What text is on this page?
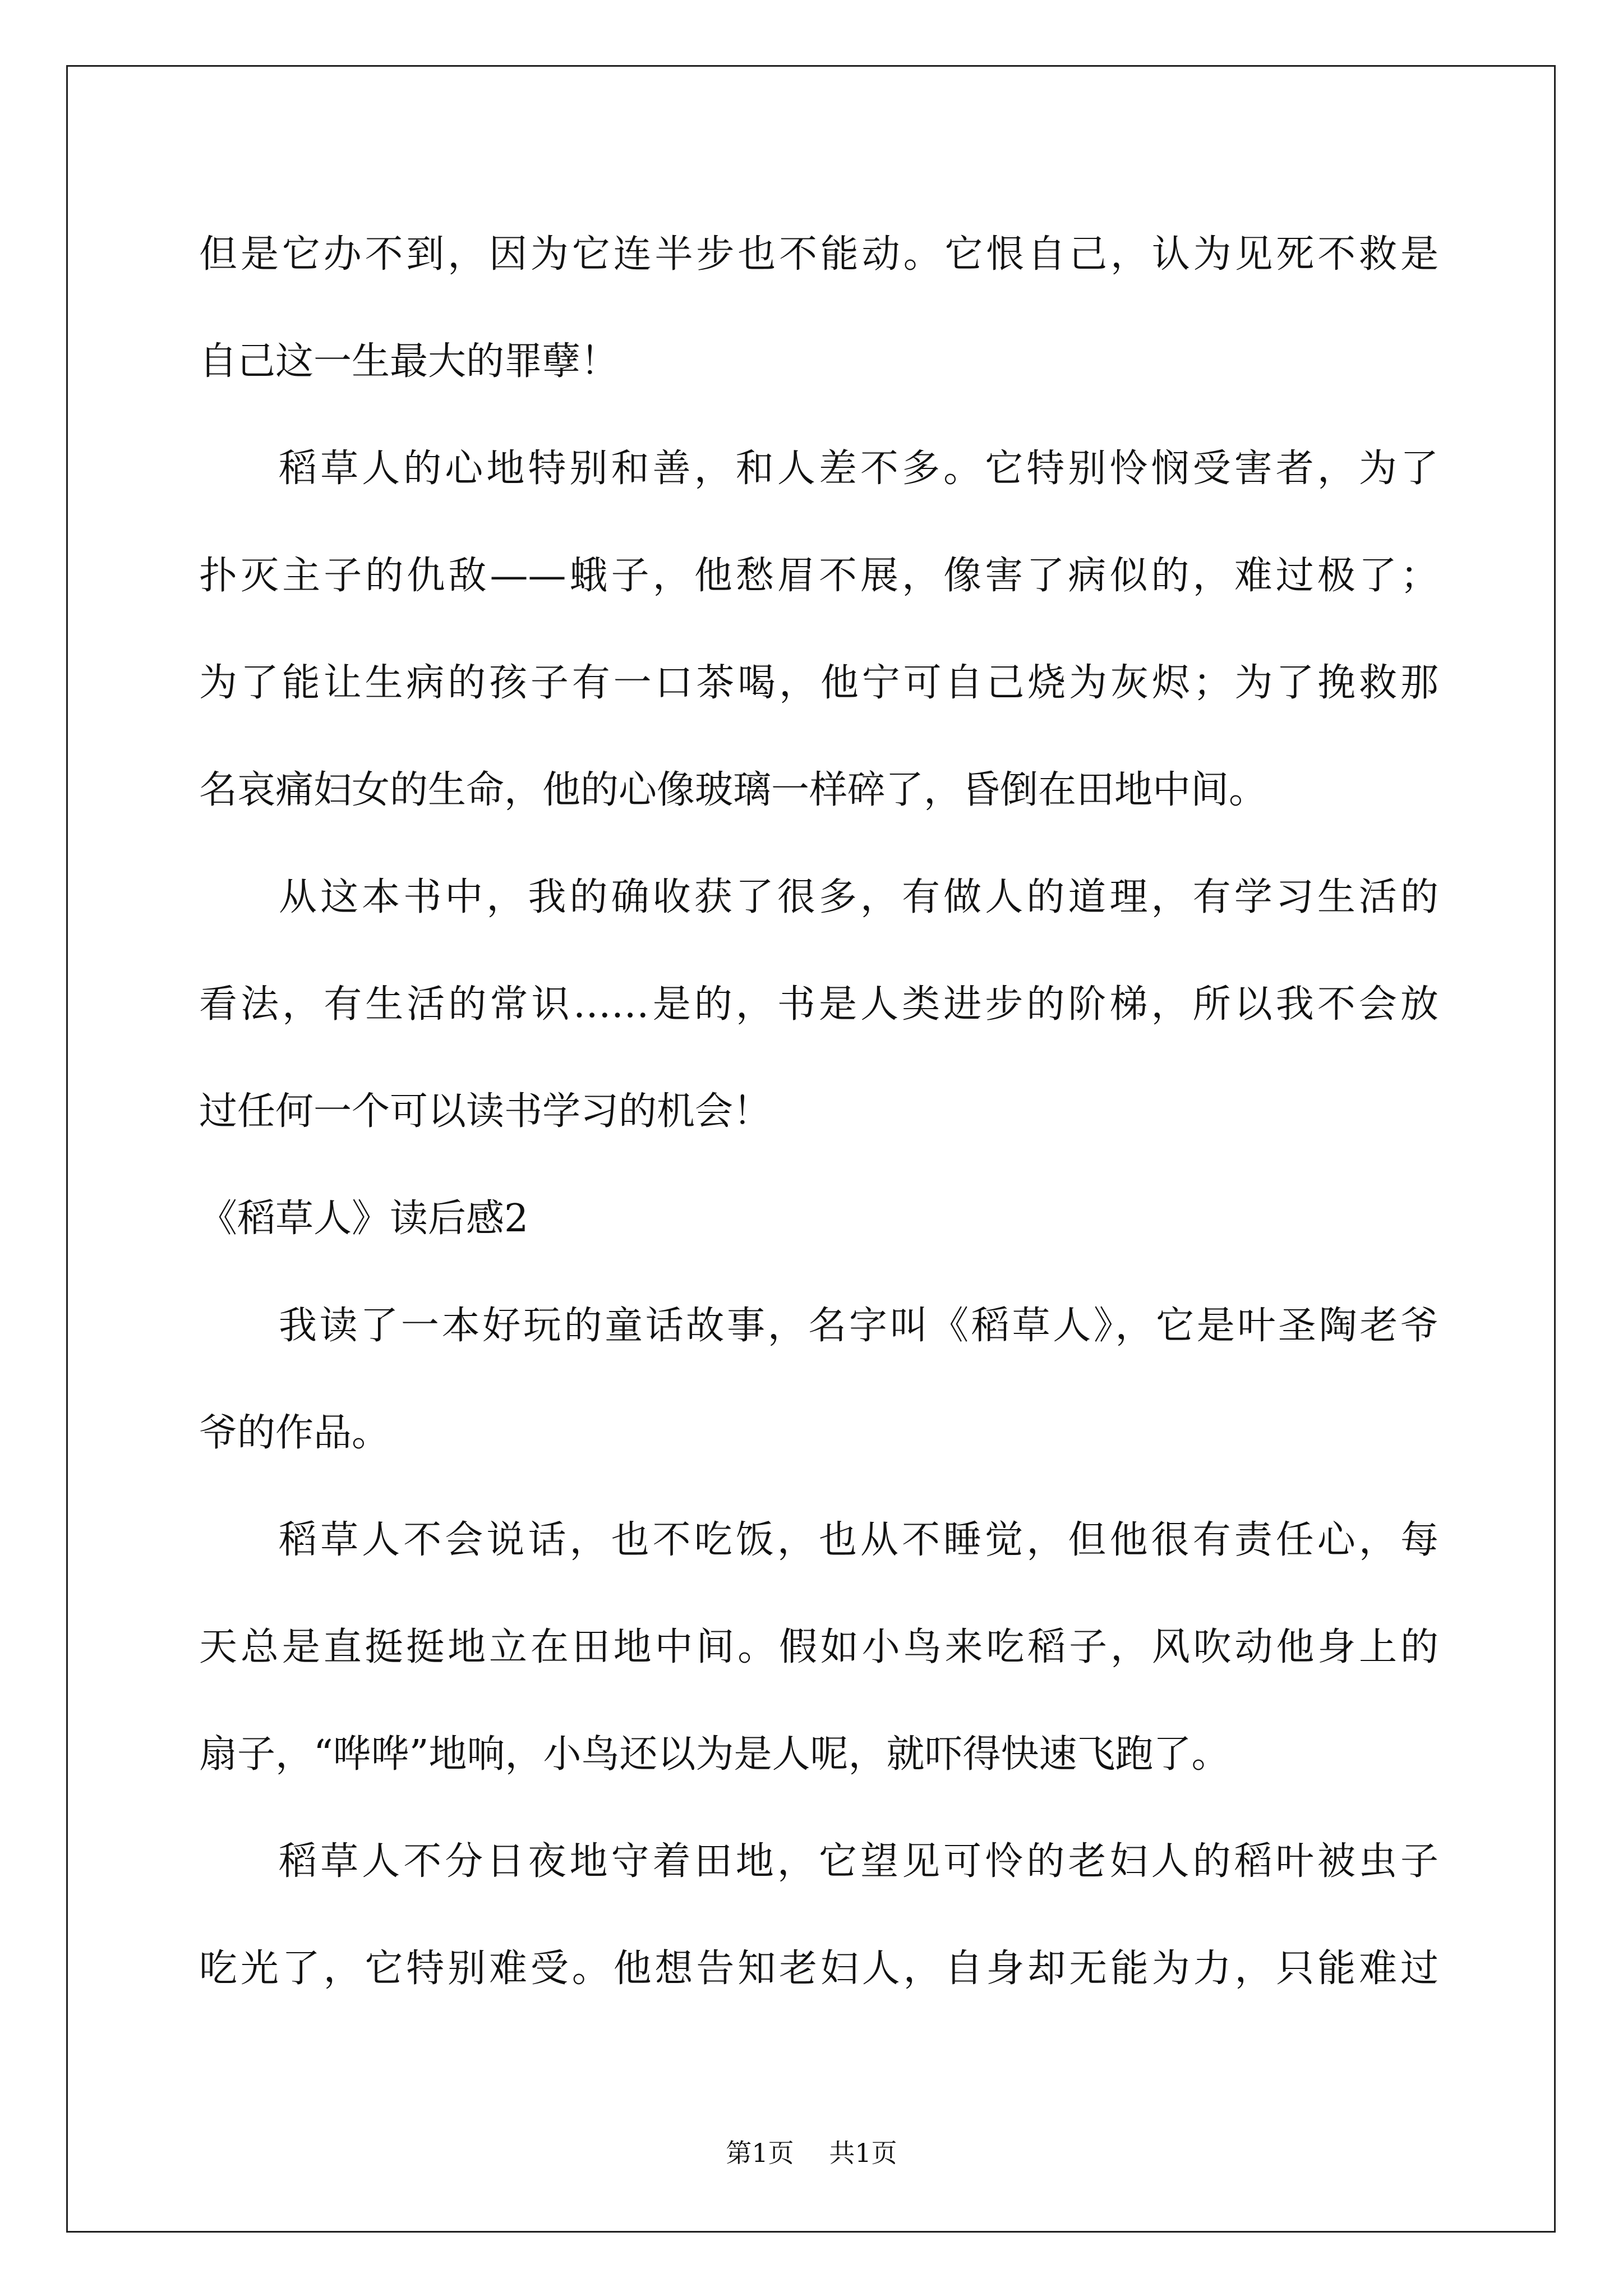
但是它办不到，因为它连半步也不能动。它恨自己，认为见死不救是
自己这一生最大的罪孽！
稻草人的心地特别和善，和人差不多。它特别怜悯受害者，为了
扑灭主子的仇敌——蛾子，他愁眉不展，像害了病似的，难过极了；
为了能让生病的孩子有一口茶喝，他宁可自己烧为灰烬；为了挽救那
名哀痛妇女的生命，他的心像玻璃一样碎了，昏倒在田地中间。
从这本书中，我的确收获了很多，有做人的道理，有学习生活的
看法，有生活的常识……是的，书是人类进步的阶梯，所以我不会放
过任何一个可以读书学习的机会！
《稻草人》读后感2
我读了一本好玩的童话故事，名字叫《稻草人》，它是叶圣陶老爷
爷的作品。
稻草人不会说话，也不吃饭，也从不睡觉，但他很有责任心，每
天总是直挺挺地立在田地中间。假如小鸟来吃稻子，风吹动他身上的
扇子，“哗哗”地响，小鸟还以为是人呢，就吓得快速飞跑了。
稻草人不分日夜地守着田地，它望见可怜的老妇人的稻叶被虫子
吃光了，它特别难受。他想告知老妇人，自身却无能为力，只能难过
第1页 共1页
